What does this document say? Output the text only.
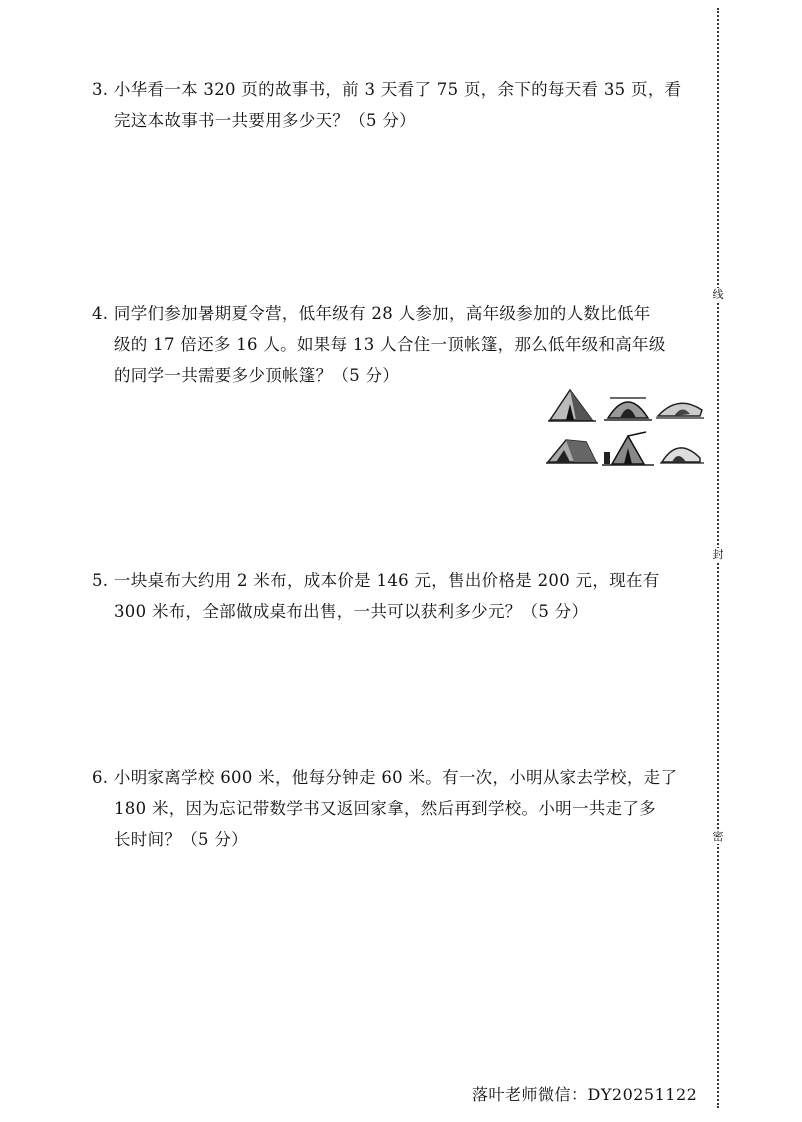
3. 小华看一本 320 页的故事书，前 3 天看了 75 页，余下的每天看 35 页，看
完这本故事书一共要用多少天？（5 分）
4. 同学们参加暑期夏令营，低年级有 28 人参加，高年级参加的人数比低年
级的 17 倍还多 16 人。如果每 13 人合住一顶帐篷，那么低年级和高年级
的同学一共需要多少顶帐篷？（5 分）
5. 一块桌布大约用 2 米布，成本价是 146 元，售出价格是 200 元，现在有
300 米布，全部做成桌布出售，一共可以获利多少元？（5 分）
6. 小明家离学校 600 米，他每分钟走 60 米。有一次，小明从家去学校，走了
180 米，因为忘记带数学书又返回家拿，然后再到学校。小明一共走了多
长时间？（5 分）
线
封
密
落叶老师微信：DY20251122
